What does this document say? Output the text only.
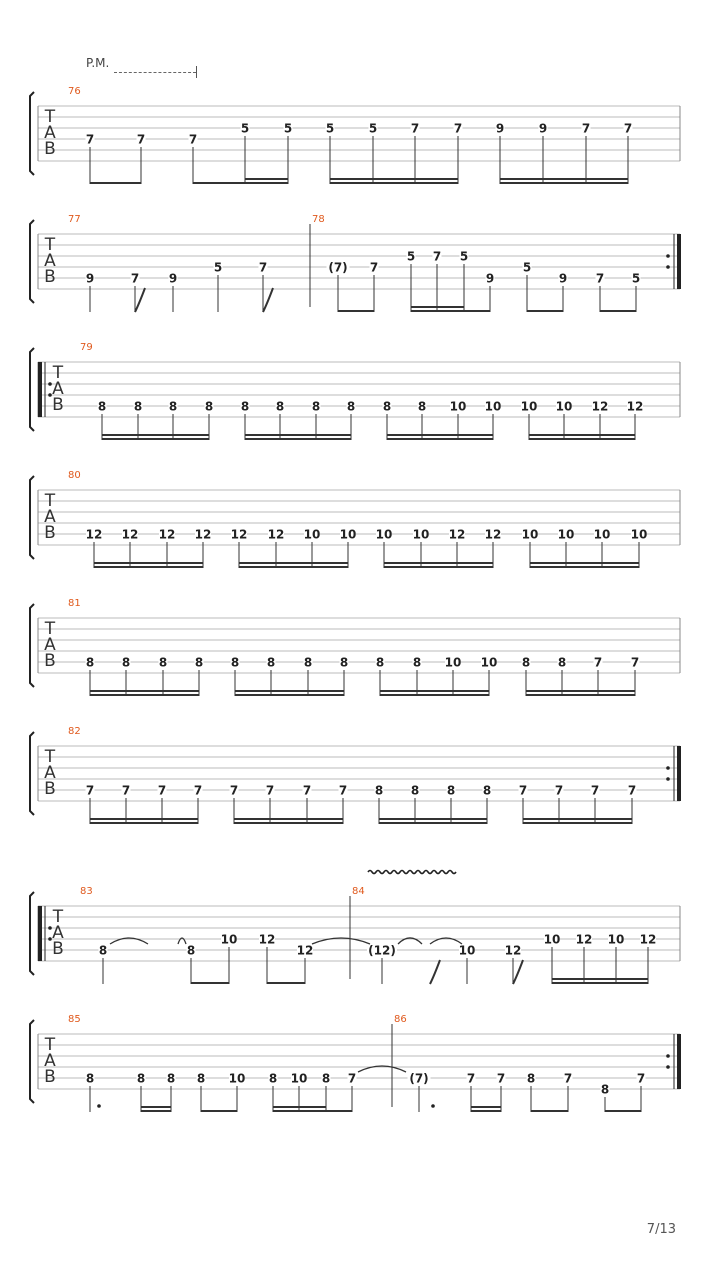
P.M.
T
A
B
76
7	7	7
5	5	5	5	7	7	9	9	7	7
T
A
B
77	78
9	7 9
5	7	(7) 7
5 7 5
9
5
9 7 5
T
A
B
79
8 8 8 8 8 8 8 8 8 8 10 10 10 10 12 12
T
A
B
80
12 12 12 12 12 12 10 10 10 10 12 12 10 10 10 10
T
A
B
81
8 8 8 8 8 8 8 8 8 8 10 10 8 8 7 7
T
A
B
82
7 7 7 7 7 7 7 7 8 8 8 8 7 7 7 7
T
A
B
83	84
8	8
10 12
12	(12)	10 12
10 12 10 12
T
A
B
85	86
8	8 8 8 10 8 10 8 7	(7)	7 7 8 7
8
7
7/13
